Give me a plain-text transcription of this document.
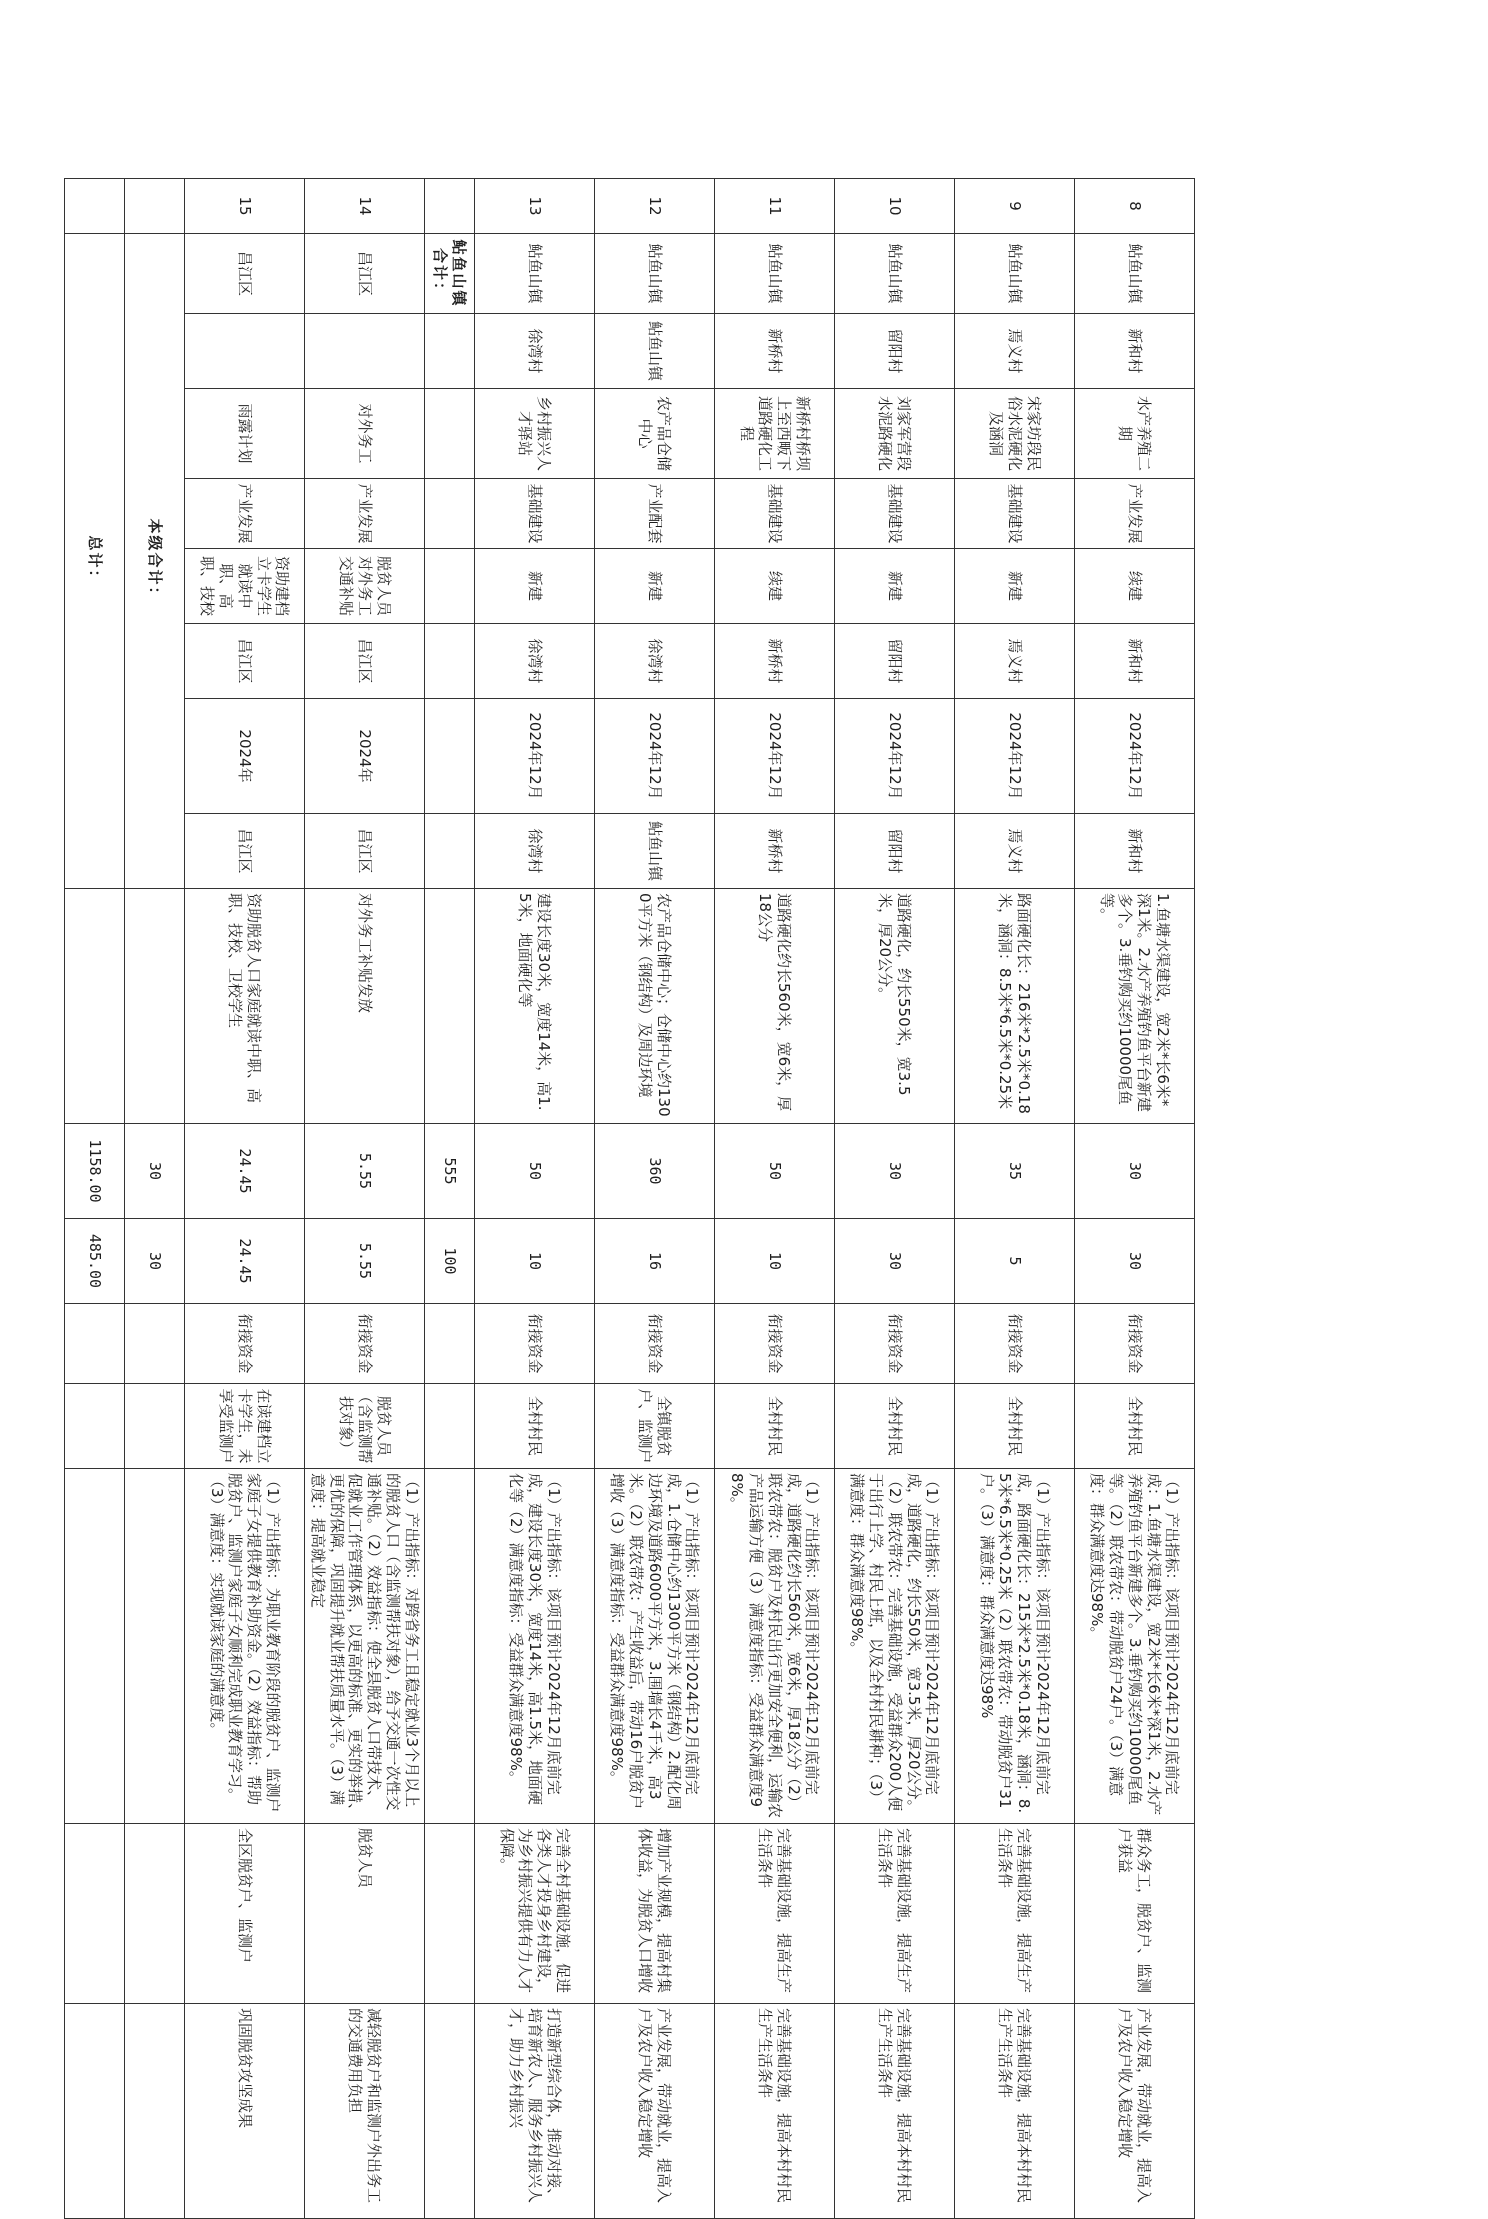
8	鲇鱼山镇	新和村	水产养殖二期	产业发展	续建	新和村	2024年12月	新和村	1.鱼塘水渠建设，宽2米*长6米*深1米。2.水产养殖钓鱼平台新建多个。3.垂钓购买约10000尾鱼等。	30	30	衔接资金	全村村民	（1）产出指标：该项目预计2024年12月底前完成：1.鱼塘水渠建设，宽2米*长6米*深1米，2.水产养殖钓鱼平台新建多个。3.垂钓购买约10000尾鱼等。（2）联农带农：带动脱贫户24户。（3）满意度：群众满意度达98%。	群众务工，脱贫户、监测户获益	产业发展，带动就业，提高入户及农户收入稳定增收
9	鲇鱼山镇	焉义村	宋家坊段民俗水泥硬化及涵洞	基础建设	新建	焉义村	2024年12月	焉义村	路面硬化长：216米*2.5米*0.18米，涵洞：8.5米*6.5米*0.25米	35	5	衔接资金	全村村民	（1）产出指标：该项目预计2024年12月底前完成，路面硬化长：215米*2.5米*0.18米，涵洞：8.5米*6.5米*0.25米（2）联农带农：带动脱贫户31户。（3）满意度：群众满意度达98%	完善基础设施，提高生产生活条件	完善基础设施，提高本村村民生产生活条件
10	鲇鱼山镇	留阳村	刘家军营段水泥路硬化	基础建设	新建	留阳村	2024年12月	留阳村	道路硬化，约长550米，宽3.5米，厚20公分。	30	30	衔接资金	全村村民	（1）产出指标：该项目预计2024年12月底前完成，道路硬化，约长550米，宽3.5米，厚20公分。（2）联农带农：完善基础设施，受益群众200人便于出行上学、村民上班，以及全村村民耕种；（3）满意度：群众满意度98%。	完善基础设施，提高生产生活条件	完善基础设施，提高本村村民生产生活条件
11	鲇鱼山镇	新桥村	新桥村桥坝上至西畈下道路硬化工程	基础建设	续建	新桥村	2024年12月	新桥村	道路硬化约长560米，宽6米，厚18公分	50	10	衔接资金	全村村民	（1）产出指标：该项目预计2024年12月底前完成，道路硬化约长560米，宽6米，厚18公分（2）联农带农：脱贫户及村民出行更加安全便利，运输农产品运输方便（3）满意度指标：受益群众满意度98%。	完善基础设施，提高生产生活条件	完善基础设施，提高本村村民生产生活条件
12	鲇鱼山镇	鲇鱼山镇	农产品仓储中心	产业配套	新建	徐湾村	2024年12月	鲇鱼山镇	农产品仓储中心；仓储中心约1300平方米（钢结构）及周边环境	360	16	衔接资金	全镇脱贫户、监测户	（1）产出指标：该项目预计2024年12月底前完成，1.仓储中心约1300平方米（钢结构）2.配化周边环境及道路6000平方米，3.围墙长4千米，高3米。（2）联农带农：产生收益后，带动16户脱贫户增收（3）满意度指标：受益群众满意度98%。	增加产业规模，提高村集体收益，为脱贫人口增收	产业发展，带动就业，提高入户及农户收入稳定增收
13	鲇鱼山镇	徐湾村	乡村振兴人才驿站	基础建设	新建	徐湾村	2024年12月	徐湾村	建设长度30米，宽度14米，高1.5米，地面硬化等	50	10	衔接资金	全村村民	（1）产出指标：该项目预计2024年12月底前完成，建设长度30米，宽度14米，高1.5米，地面硬化等（2）满意度指标：受益群众满意度98%。	完善全村基础设施，促进各类人才投身乡村建设，为乡村振兴提供有力人才保障。	打造新型综合体，推动对接、培育新农人、服务乡村振兴人才，助力乡村振兴
	鲇鱼山镇合计：									555	100					
14	昌江区		对外务工	产业发展	脱贫人员对外务工交通补贴	昌江区	2024年	昌江区	对外务工补贴发放	5.55	5.55	衔接资金	脱贫人员（含监测帮扶对象）	（1）产出指标：对跨省务工且稳定就业3个月以上的脱贫人口（含监测帮扶对象），给予交通一次性交通补贴。（2）效益指标：使全县脱贫人口带技术、促就业工作管理体系，以更高的标准、更实的举措、更优的保障，巩固提升就业帮扶质量水平。（3）满意度：提高就业稳定	脱贫人员	减轻脱贫户和监测户外出务工的交通费用负担
15	昌江区		雨露计划	产业发展	资助建档立卡学生就读中职、高职、技校	昌江区	2024年	昌江区	资助脱贫人口家庭就读中职、高职、技校、卫校学生	24.45	24.45	衔接资金	在读建档立卡学生，未享受监测户	（1）产出指标：为职业教育阶段的脱贫户、监测户家庭子女提供教育补助资金。（2）效益指标：帮助脱贫户、监测户家庭子女顺利完成职业教育学习。（3）满意度：实现就读家庭的满意度。	全区脱贫户、监测户	巩固脱贫攻坚成果
	本级合计：									30	30					
	总计：									1158.00	485.00					
